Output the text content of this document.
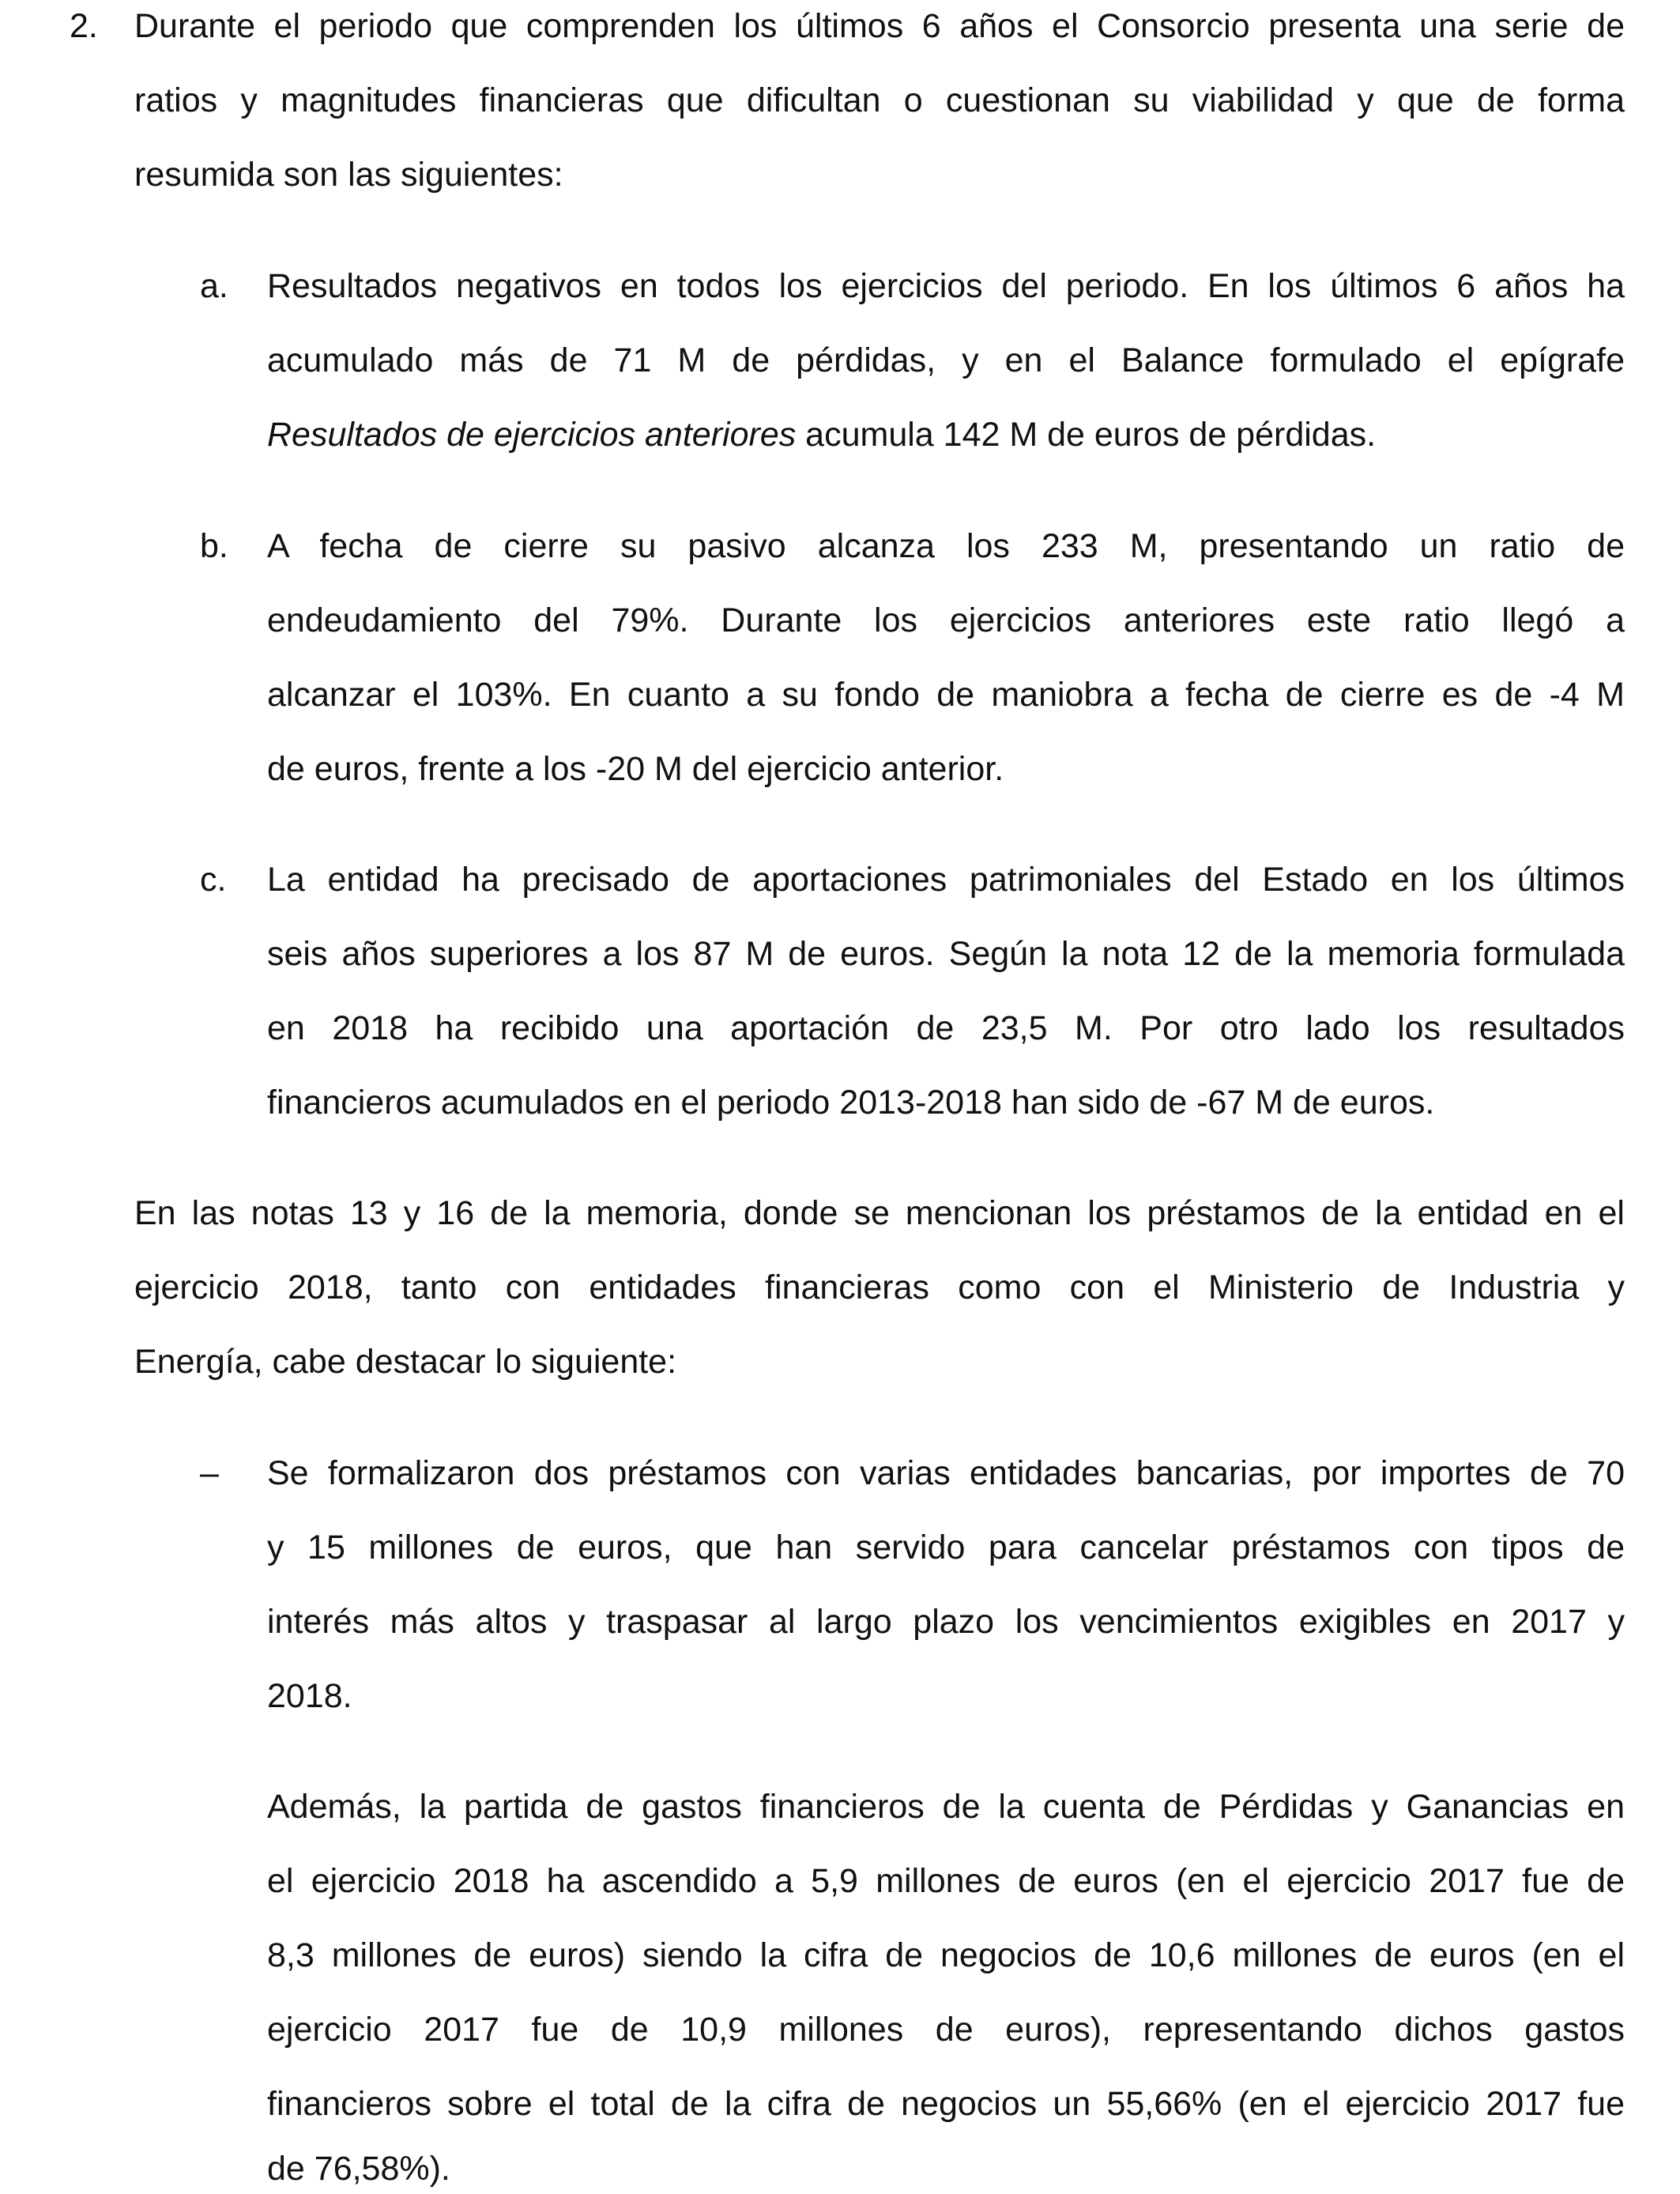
2. Durante el periodo que comprenden los últimos 6 años el Consorcio presenta una serie de
ratios y magnitudes financieras que dificultan o cuestionan su viabilidad y que de forma
resumida son las siguientes:
a. Resultados negativos en todos los ejercicios del periodo. En los últimos 6 años ha
acumulado más de 71 M de pérdidas, y en el Balance formulado el epígrafe
Resultados de ejercicios anteriores acumula 142 M de euros de pérdidas.
b. A fecha de cierre su pasivo alcanza los 233 M, presentando un ratio de
endeudamiento del 79%. Durante los ejercicios anteriores este ratio llegó a
alcanzar el 103%. En cuanto a su fondo de maniobra a fecha de cierre es de -4 M
de euros, frente a los -20 M del ejercicio anterior.
c. La entidad ha precisado de aportaciones patrimoniales del Estado en los últimos
seis años superiores a los 87 M de euros. Según la nota 12 de la memoria formulada
en 2018 ha recibido una aportación de 23,5 M. Por otro lado los resultados
financieros acumulados en el periodo 2013-2018 han sido de -67 M de euros.
En las notas 13 y 16 de la memoria, donde se mencionan los préstamos de la entidad en el
ejercicio 2018, tanto con entidades financieras como con el Ministerio de Industria y
Energía, cabe destacar lo siguiente:
– Se formalizaron dos préstamos con varias entidades bancarias, por importes de 70
y 15 millones de euros, que han servido para cancelar préstamos con tipos de
interés más altos y traspasar al largo plazo los vencimientos exigibles en 2017 y
2018.
Además, la partida de gastos financieros de la cuenta de Pérdidas y Ganancias en
el ejercicio 2018 ha ascendido a 5,9 millones de euros (en el ejercicio 2017 fue de
8,3 millones de euros) siendo la cifra de negocios de 10,6 millones de euros (en el
ejercicio 2017 fue de 10,9 millones de euros), representando dichos gastos
financieros sobre el total de la cifra de negocios un 55,66% (en el ejercicio 2017 fue
de 76,58%).
